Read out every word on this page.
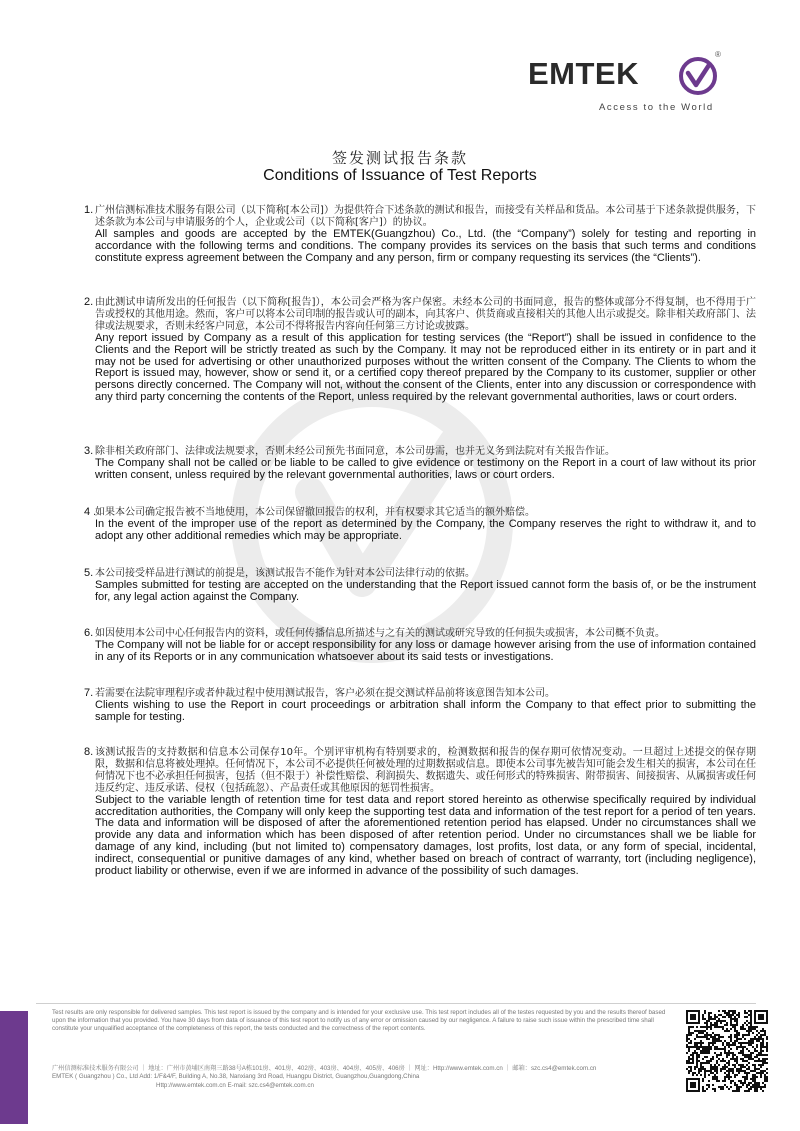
EMTEK
®
Access to the World
签发测试报告条款
Conditions of Issuance of Test Reports
1. 广州信测标准技术服务有限公司（以下简称[本公司]）为提供符合下述条款的测试和报告，而接受有关样品和货品。本公司基于下述条款提供服务，下述条款为本公司与申请服务的个人，企业或公司（以下简称[客户]）的协议。
All samples and goods are accepted by the EMTEK(Guangzhou) Co., Ltd. (the “Company”) solely for testing and reporting in accordance with the following terms and conditions. The company provides its services on the basis that such terms and conditions constitute express agreement between the Company and any person, firm or company requesting its services (the “Clients”).
2. 由此测试申请所发出的任何报告（以下简称[报告]），本公司会严格为客户保密。未经本公司的书面同意，报告的整体或部分不得复制，也不得用于广告或授权的其他用途。然而，客户可以将本公司印制的报告或认可的副本，向其客户、供货商或直接相关的其他人出示或提交。除非相关政府部门、法律或法规要求，否则未经客户同意，本公司不得将报告内容向任何第三方讨论或披露。
Any report issued by Company as a result of this application for testing services (the “Report”) shall be issued in confidence to the Clients and the Report will be strictly treated as such by the Company. It may not be reproduced either in its entirety or in part and it may not be used for advertising or other unauthorized purposes without the written consent of the Company. The Clients to whom the Report is issued may, however, show or send it, or a certified copy thereof prepared by the Company to its customer, supplier or other persons directly concerned. The Company will not, without the consent of the Clients, enter into any discussion or correspondence with any third party concerning the contents of the Report, unless required by the relevant governmental authorities, laws or court orders.
3. 除非相关政府部门、法律或法规要求，否则未经公司预先书面同意，本公司毋需，也并无义务到法院对有关报告作证。
The Company shall not be called or be liable to be called to give evidence or testimony on the Report in a court of law without its prior written consent, unless required by the relevant governmental authorities, laws or court orders.
4 .
如果本公司确定报告被不当地使用，本公司保留撤回报告的权利，并有权要求其它适当的额外赔偿。
In the event of the improper use of the report as determined by the Company, the Company reserves the right to withdraw it, and to adopt any other additional remedies which may be appropriate.
5. 本公司接受样品进行测试的前提是，该测试报告不能作为针对本公司法律行动的依据。
Samples submitted for testing are accepted on the understanding that the Report issued cannot form the basis of, or be the instrument for, any legal action against the Company.
6. 如因使用本公司中心任何报告内的资料，或任何传播信息所描述与之有关的测试或研究导致的任何损失或损害，本公司概不负责。
The Company will not be liable for or accept responsibility for any loss or damage however arising from the use of information contained in any of its Reports or in any communication whatsoever about its said tests or investigations.
7. 若需要在法院审理程序或者仲裁过程中使用测试报告，客户必须在提交测试样品前将该意图告知本公司。
Clients wishing to use the Report in court proceedings or arbitration shall inform the Company to that effect prior to submitting the sample for testing.
8. 该测试报告的支持数据和信息本公司保存10年。个别评审机构有特别要求的，检测数据和报告的保存期可依情况变动。一旦超过上述提交的保存期限，数据和信息将被处理掉。任何情况下，本公司不必提供任何被处理的过期数据或信息。即使本公司事先被告知可能会发生相关的损害，本公司在任何情况下也不必承担任何损害，包括（但不限于）补偿性赔偿、利润损失、数据遗失、或任何形式的特殊损害、附带损害、间接损害、从属损害或任何违反约定、违反承诺、侵权（包括疏忽）、产品责任或其他原因的惩罚性损害。
Subject to the variable length of retention time for test data and report stored hereinto as otherwise specifically required by individual accreditation authorities, the Company will only keep the supporting test data and information of the test report for a period of ten years. The data and information will be disposed of after the aforementioned retention period has elapsed. Under no circumstances shall we provide any data and information which has been disposed of after retention period. Under no circumstances shall we be liable for damage of any kind, including (but not limited to) compensatory damages, lost profits, lost data, or any form of special, incidental, indirect, consequential or punitive damages of any kind, whether based on breach of contract of warranty, tort (including negligence), product liability or otherwise, even if we are informed in advance of the possibility of such damages.
Test results are only responsible for delivered samples. This test report is issued by the company and is intended for your exclusive use. This test report includes all of the testes requested by you and the results thereof based upon the information that you provided. You have 30 days from data of issuance of this test report to notify us of any error or omission caused by our negligence. A failure to raise such issue within the prescribed time shall constitute your unqualified acceptance of the completeness of this report, the tests conducted and the correctness of the report contents.
广州信测标准技术服务有限公司 ｜ 地址：广州市黄埔区南翔三路38号A栋101房、401房、402房、403房、404房、405房、406房 ｜ 网址：Http://www.emtek.com.cn ｜ 邮箱：szc.cs4@emtek.com.cn
EMTEK ( Guangzhou ) Co., Ltd Add: 1/F&4/F, Building A, No.38, Nanxiang 3rd Road, Huangpu District, Guangzhou,Guangdong,China
Http://www.emtek.com.cn E-mail: szc.cs4@emtek.com.cn
